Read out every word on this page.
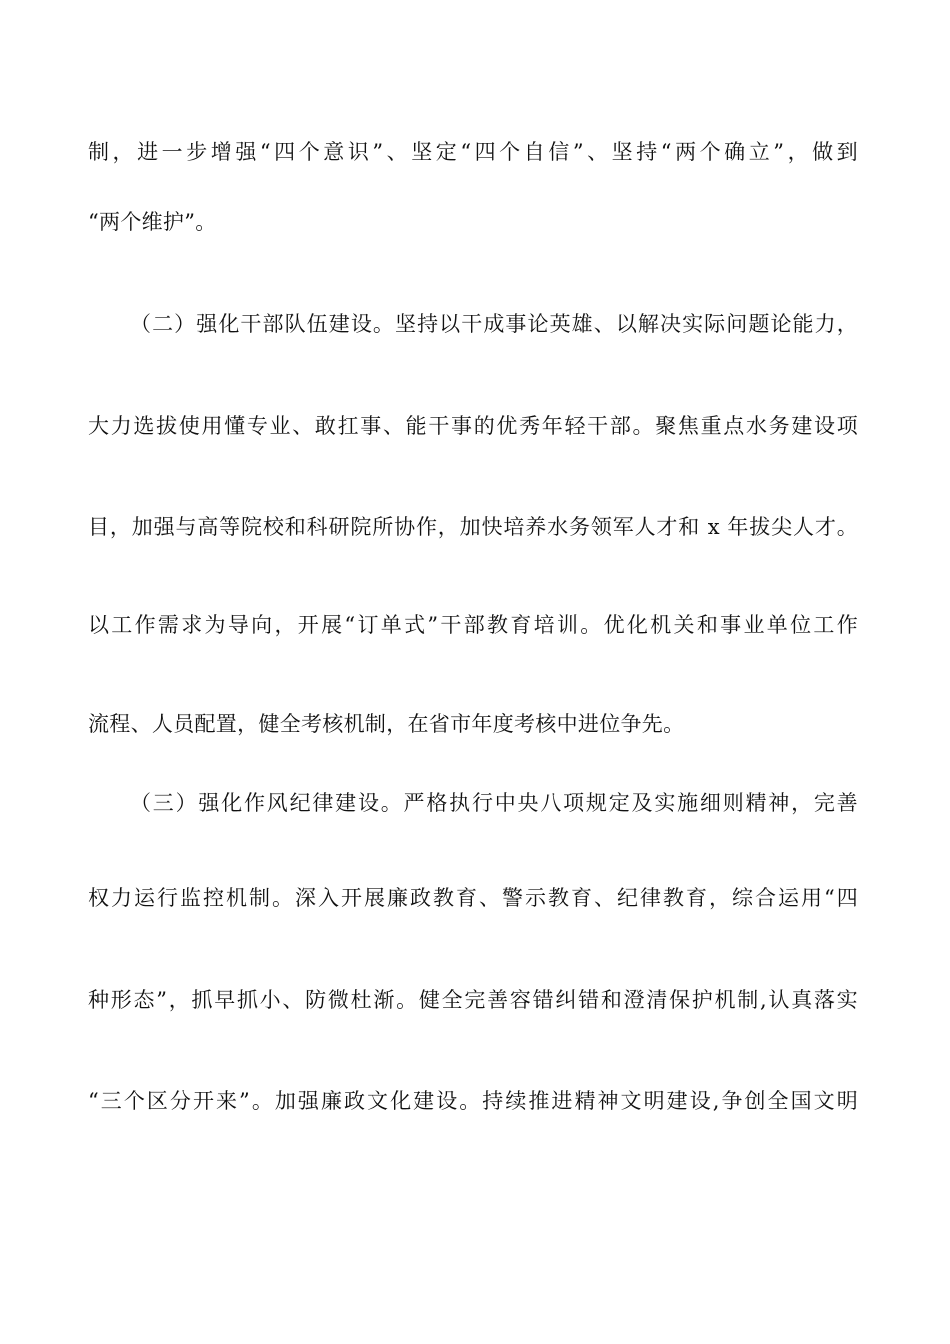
制，进一步增强“四个意识”、坚定“四个自信”、坚持“两个确立”，做到
“两个维护”。
（二）强化干部队伍建设。坚持以干成事论英雄、以解决实际问题论能力，
大力选拔使用懂专业、敢扛事、能干事的优秀年轻干部。聚焦重点水务建设项
目，加强与高等院校和科研院所协作，加快培养水务领军人才和 x 年拔尖人才。
以工作需求为导向，开展“订单式”干部教育培训。优化机关和事业单位工作
流程、人员配置，健全考核机制，在省市年度考核中进位争先。
（三）强化作风纪律建设。严格执行中央八项规定及实施细则精神，完善
权力运行监控机制。深入开展廉政教育、警示教育、纪律教育，综合运用“四
种形态”，抓早抓小、防微杜渐。健全完善容错纠错和澄清保护机制,认真落实
“三个区分开来”。加强廉政文化建设。持续推进精神文明建设,争创全国文明
